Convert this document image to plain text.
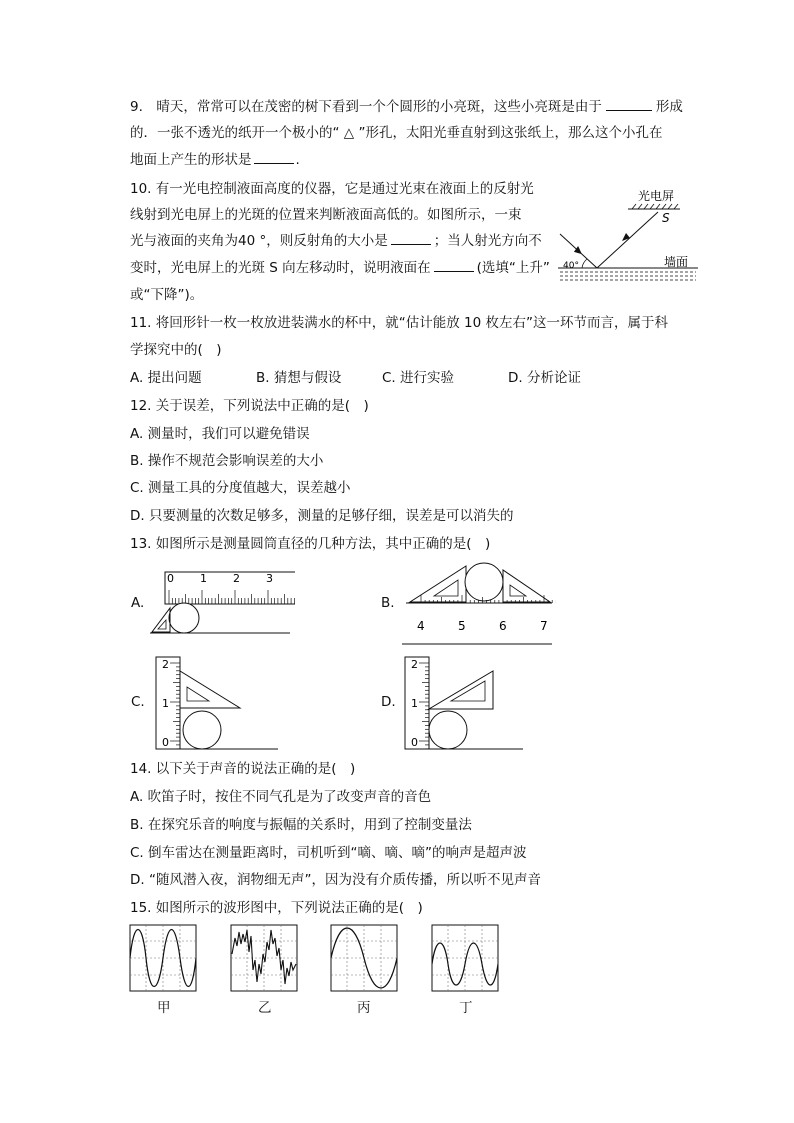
9.　晴天，常常可以在茂密的树下看到一个个圆形的小亮斑，这些小亮斑是由于	形成
的．一张不透光的纸开一个极小的“ △ ”形孔，太阳光垂直射到这张纸上，那么这个小孔在
地面上产生的形状是	.
10. 有一光电控制液面高度的仪器，它是通过光束在液面上的反射光
线射到光电屏上的光斑的位置来判断液面高低的。如图所示，一束
光与液面的夹角为40 °，则反射角的大小是	；当人射光方向不
变时，光电屏上的光斑 S 向左移动时，说明液面在	(选填“上升”
或“下降”)。
光电屏
S
40°	墙面
11. 将回形针一枚一枚放进装满水的杯中，就“估计能放 10 枚左右”这一环节而言，属于科
学探究中的(　)
A. 提出问题	B. 猜想与假设	C. 进行实验	D. 分析论证
12. 关于误差，下列说法中正确的是(　)
A. 测量时，我们可以避免错误
B. 操作不规范会影响误差的大小
C. 测量工具的分度值越大，误差越小
D. 只要测量的次数足够多，测量的足够仔细，误差是可以消失的
13. 如图所示是测量圆筒直径的几种方法，其中正确的是(　)
A.
0 1 2 3
B.
4	5	6	7
C.
2
1
0
D.
2
1
0
14. 以下关于声音的说法正确的是(　)
A. 吹笛子时，按住不同气孔是为了改变声音的音色
B. 在探究乐音的响度与振幅的关系时，用到了控制变量法
C. 倒车雷达在测量距离时，司机听到“嘀、嘀、嘀”的响声是超声波
D. “随风潜入夜，润物细无声”，因为没有介质传播，所以听不见声音
15. 如图所示的波形图中，下列说法正确的是(　)
甲	乙	丙	丁
